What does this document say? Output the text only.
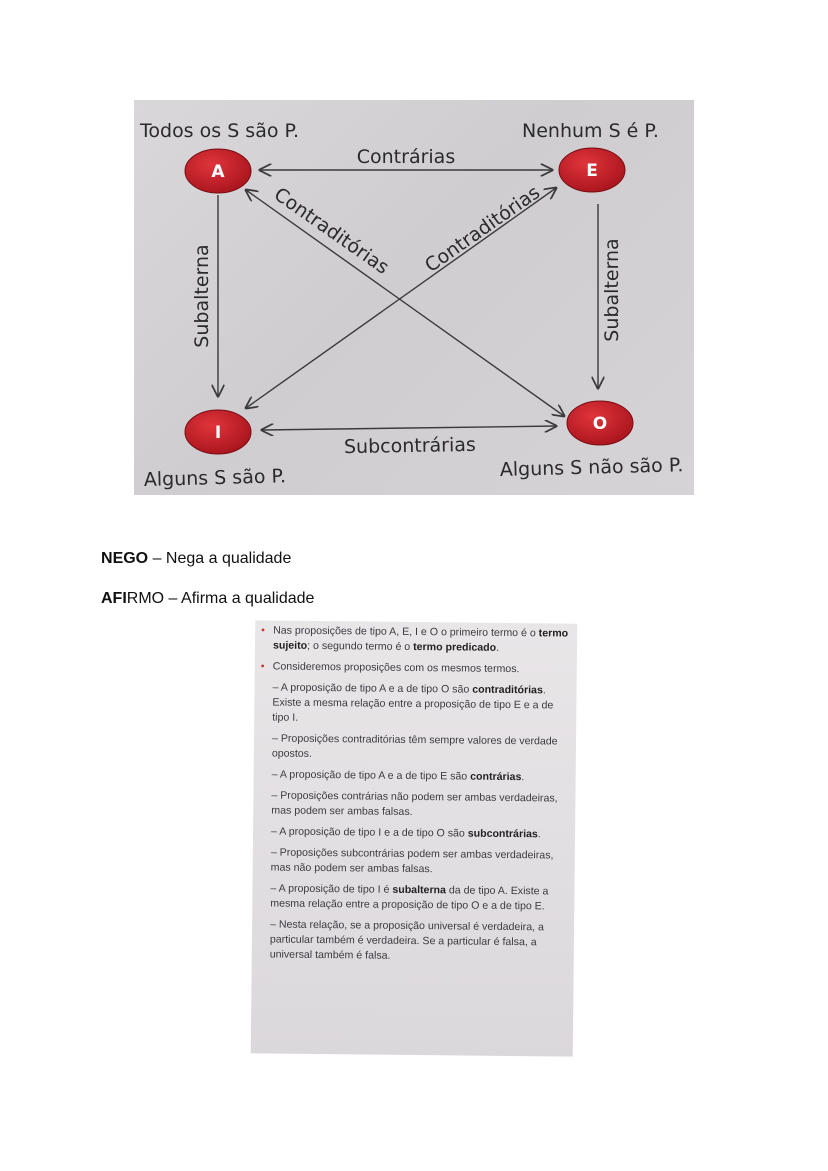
A	E
I	O
Todos os S são P.	Nenhum S é P.
Alguns S são P.	Alguns S não são P.
Contrárias
Subcontrárias
Subalterna	Subalterna
Contraditórias Contraditórias
NEGO – Nega a qualidade
AFIRMO – Afirma a qualidade

• Nas proposições de tipo A, E, I e O o primeiro termo é o termo sujeito; o segundo termo é o termo predicado.

• Consideremos proposições com os mesmos termos.

– A proposição de tipo A e a de tipo O são contraditórias. Existe a mesma relação entre a proposição de tipo E e a de tipo I.

– Proposições contraditórias têm sempre valores de verdade opostos.

– A proposição de tipo A e a de tipo E são contrárias.

– Proposições contrárias não podem ser ambas verdadeiras, mas podem ser ambas falsas.

– A proposição de tipo I e a de tipo O são subcontrárias.

– Proposições subcontrárias podem ser ambas verdadeiras, mas não podem ser ambas falsas.

– A proposição de tipo I é subalterna da de tipo A. Existe a mesma relação entre a proposição de tipo O e a de tipo E.

– Nesta relação, se a proposição universal é verdadeira, a particular também é verdadeira. Se a particular é falsa, a universal também é falsa.
